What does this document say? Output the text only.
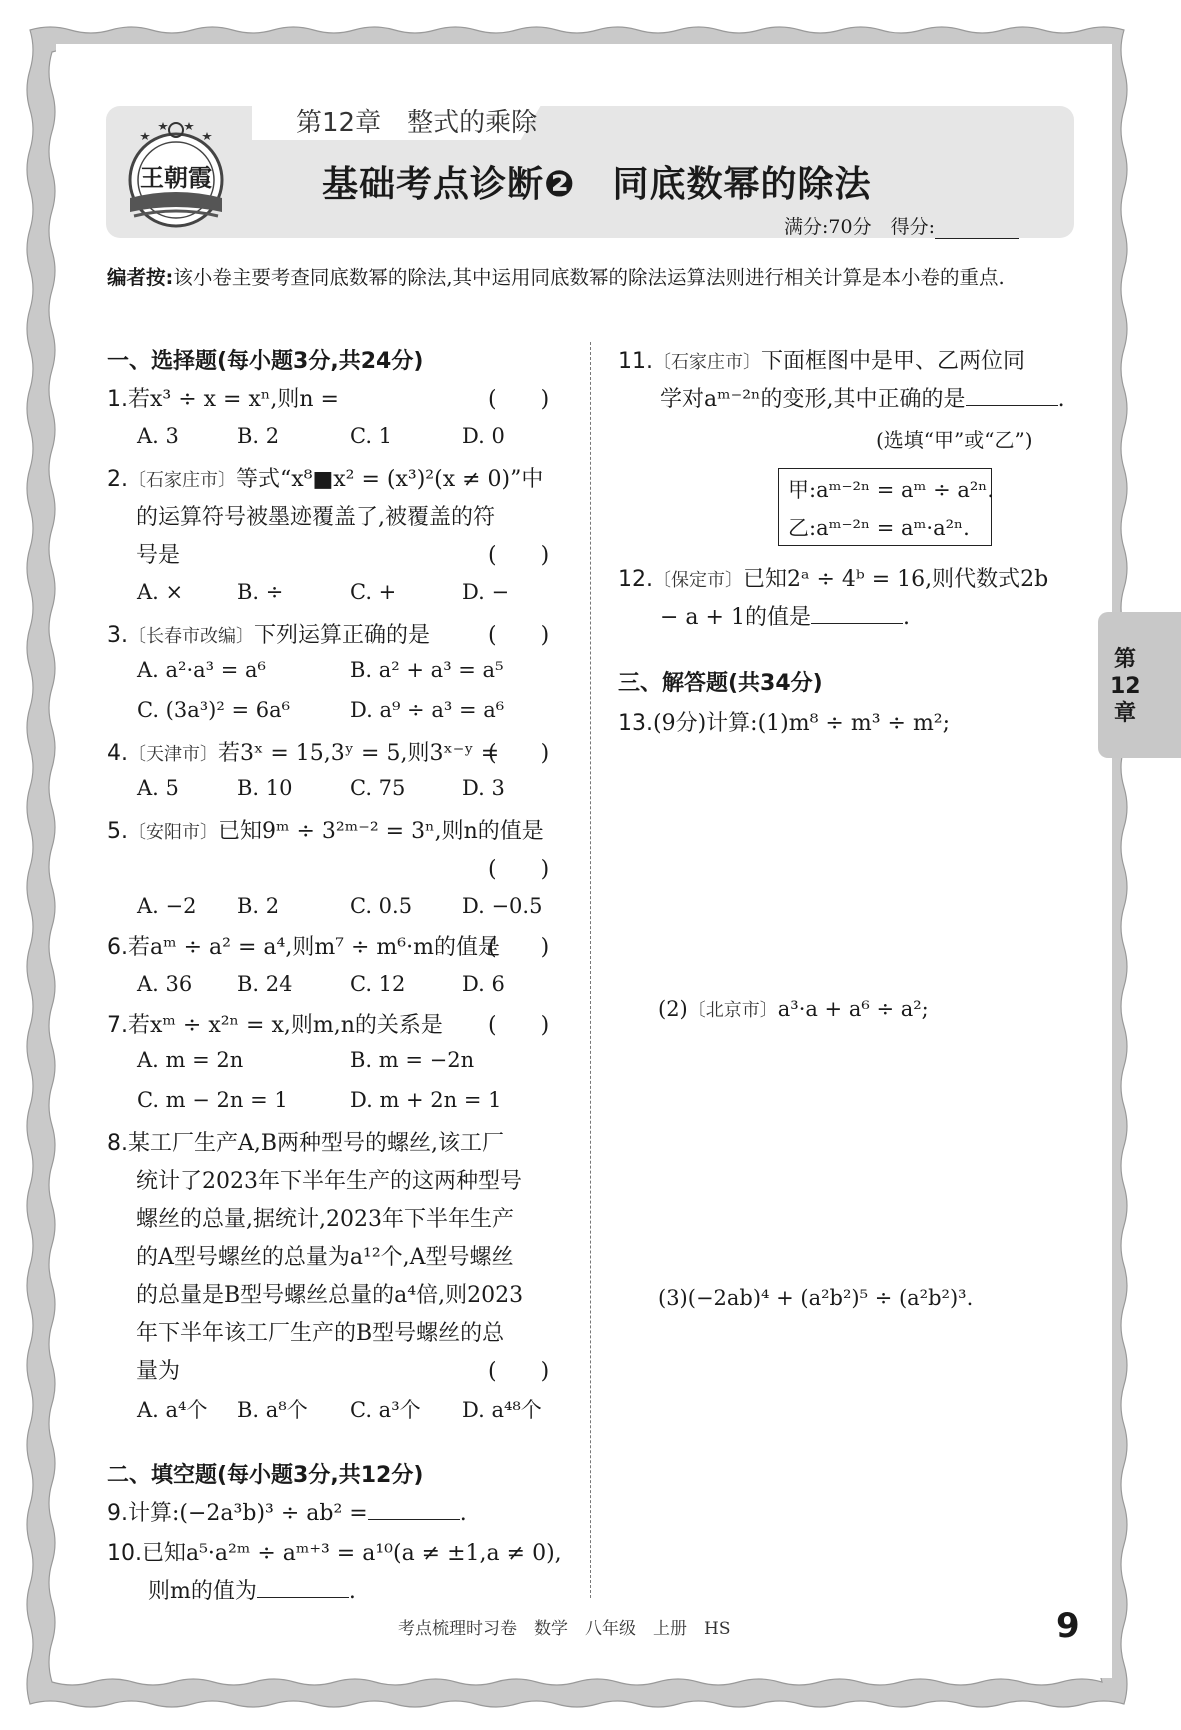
第12章　整式的乘除
基础考点诊断❷　同底数幂的除法
满分:70分　得分:
王朝霞
编者按:该小卷主要考查同底数幂的除法,其中运用同底数幂的除法运算法则进行相关计算是本小卷的重点.
一、选择题(每小题3分,共24分)
1.若x³ ÷ x = xⁿ,则n =	(　　)
A. 3	B. 2	C. 1	D. 0
2.〔石家庄市〕等式“x⁸■x² = (x³)²(x ≠ 0)”中
的运算符号被墨迹覆盖了,被覆盖的符
号是	(　　)
A. ×	B. ÷	C. +	D. −
3.〔长春市改编〕下列运算正确的是	(　　)
A. a²·a³ = a⁶	B. a² + a³ = a⁵
C. (3a³)² = 6a⁶	D. a⁹ ÷ a³ = a⁶
4.〔天津市〕若3ˣ = 15,3ʸ = 5,则3ˣ⁻ʸ =
(　　)
A. 5	B. 10	C. 75	D. 3
5.〔安阳市〕已知9ᵐ ÷ 3²ᵐ⁻² = 3ⁿ,则n的值是
(　　)
A. −2 B. 2	C. 0.5 D. −0.5
6.若aᵐ ÷ a² = a⁴,则m⁷ ÷ m⁶·m的值是
(　　)
A. 36 B. 24	C. 12	D. 6
7.若xᵐ ÷ x²ⁿ = x,则m,n的关系是 (　　)
A. m = 2n	B. m = −2n
C. m − 2n = 1	D. m + 2n = 1
8.某工厂生产A,B两种型号的螺丝,该工厂
统计了2023年下半年生产的这两种型号
螺丝的总量,据统计,2023年下半年生产
的A型号螺丝的总量为a¹²个,A型号螺丝
的总量是B型号螺丝总量的a⁴倍,则2023
年下半年该工厂生产的B型号螺丝的总
量为	(　　)
A. a⁴个 B. a⁸个 C. a³个 D. a⁴⁸个
二、填空题(每小题3分,共12分)
9.计算:(−2a³b)³ ÷ ab² =	.
10.已知a⁵·a²ᵐ ÷ aᵐ⁺³ = a¹⁰(a ≠ ±1,a ≠ 0),
则m的值为	.
11.〔石家庄市〕下面框图中是甲、乙两位同
学对aᵐ⁻²ⁿ的变形,其中正确的是	.
(选填“甲”或“乙”)
甲:aᵐ⁻²ⁿ = aᵐ ÷ a²ⁿ.
乙:aᵐ⁻²ⁿ = aᵐ·a²ⁿ.
12.〔保定市〕已知2ᵃ ÷ 4ᵇ = 16,则代数式2b
− a + 1的值是	.
三、解答题(共34分)
13.(9分)计算:(1)m⁸ ÷ m³ ÷ m²;
(2)〔北京市〕a³·a + a⁶ ÷ a²;
(3)(−2ab)⁴ + (a²b²)⁵ ÷ (a²b²)³.
第12章
考点梳理时习卷　数学　八年级　上册　HS	9
